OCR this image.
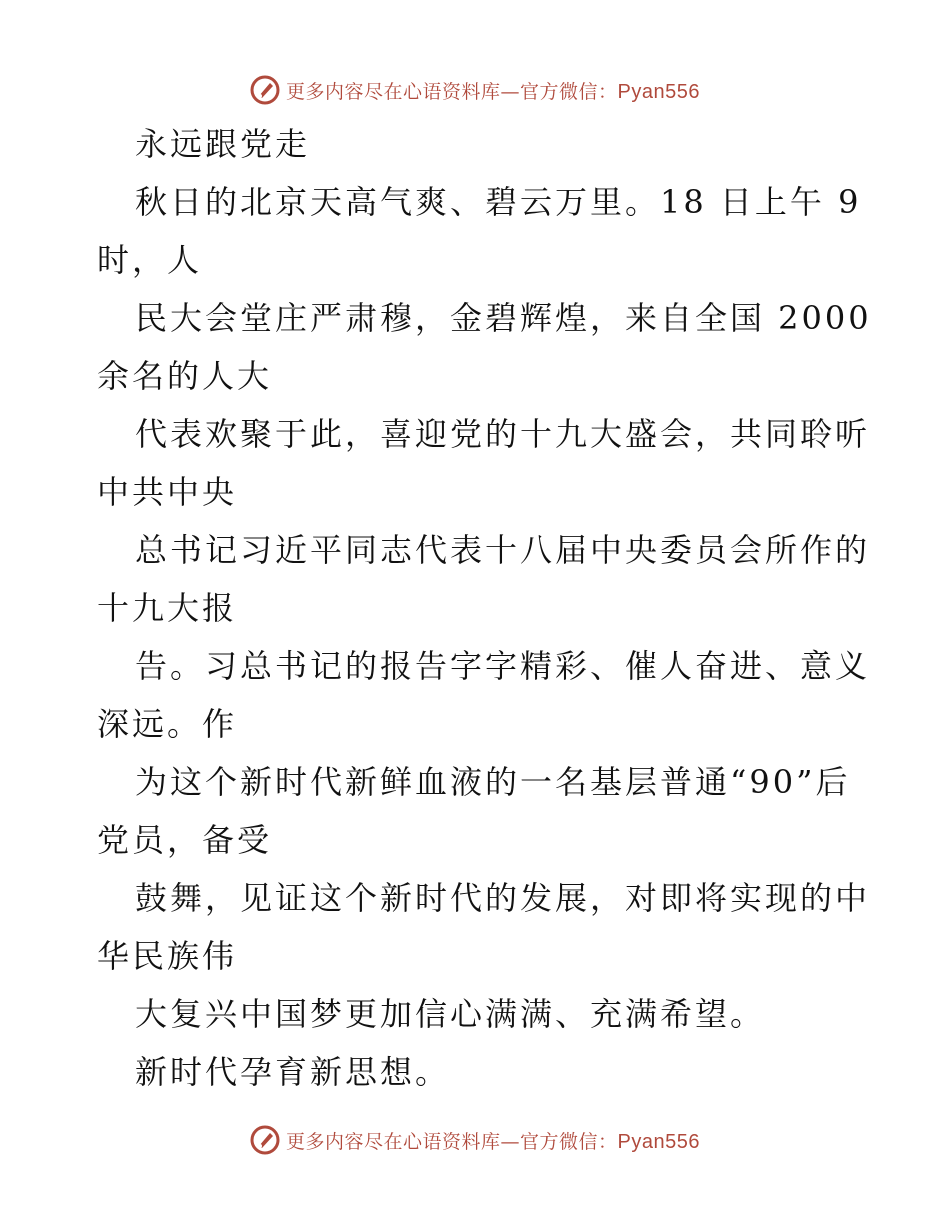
更多内容尽在心语资料库—官方微信：Pyan556
永远跟党走
秋日的北京天高气爽、碧云万里。18 日上午 9
时，人
民大会堂庄严肃穆，金碧辉煌，来自全国 2000
余名的人大
代表欢聚于此，喜迎党的十九大盛会，共同聆听
中共中央
总书记习近平同志代表十八届中央委员会所作的
十九大报
告。习总书记的报告字字精彩、催人奋进、意义
深远。作
为这个新时代新鲜血液的一名基层普通“90”后
党员，备受
鼓舞，见证这个新时代的发展，对即将实现的中
华民族伟
大复兴中国梦更加信心满满、充满希望。
新时代孕育新思想。
更多内容尽在心语资料库—官方微信：Pyan556
